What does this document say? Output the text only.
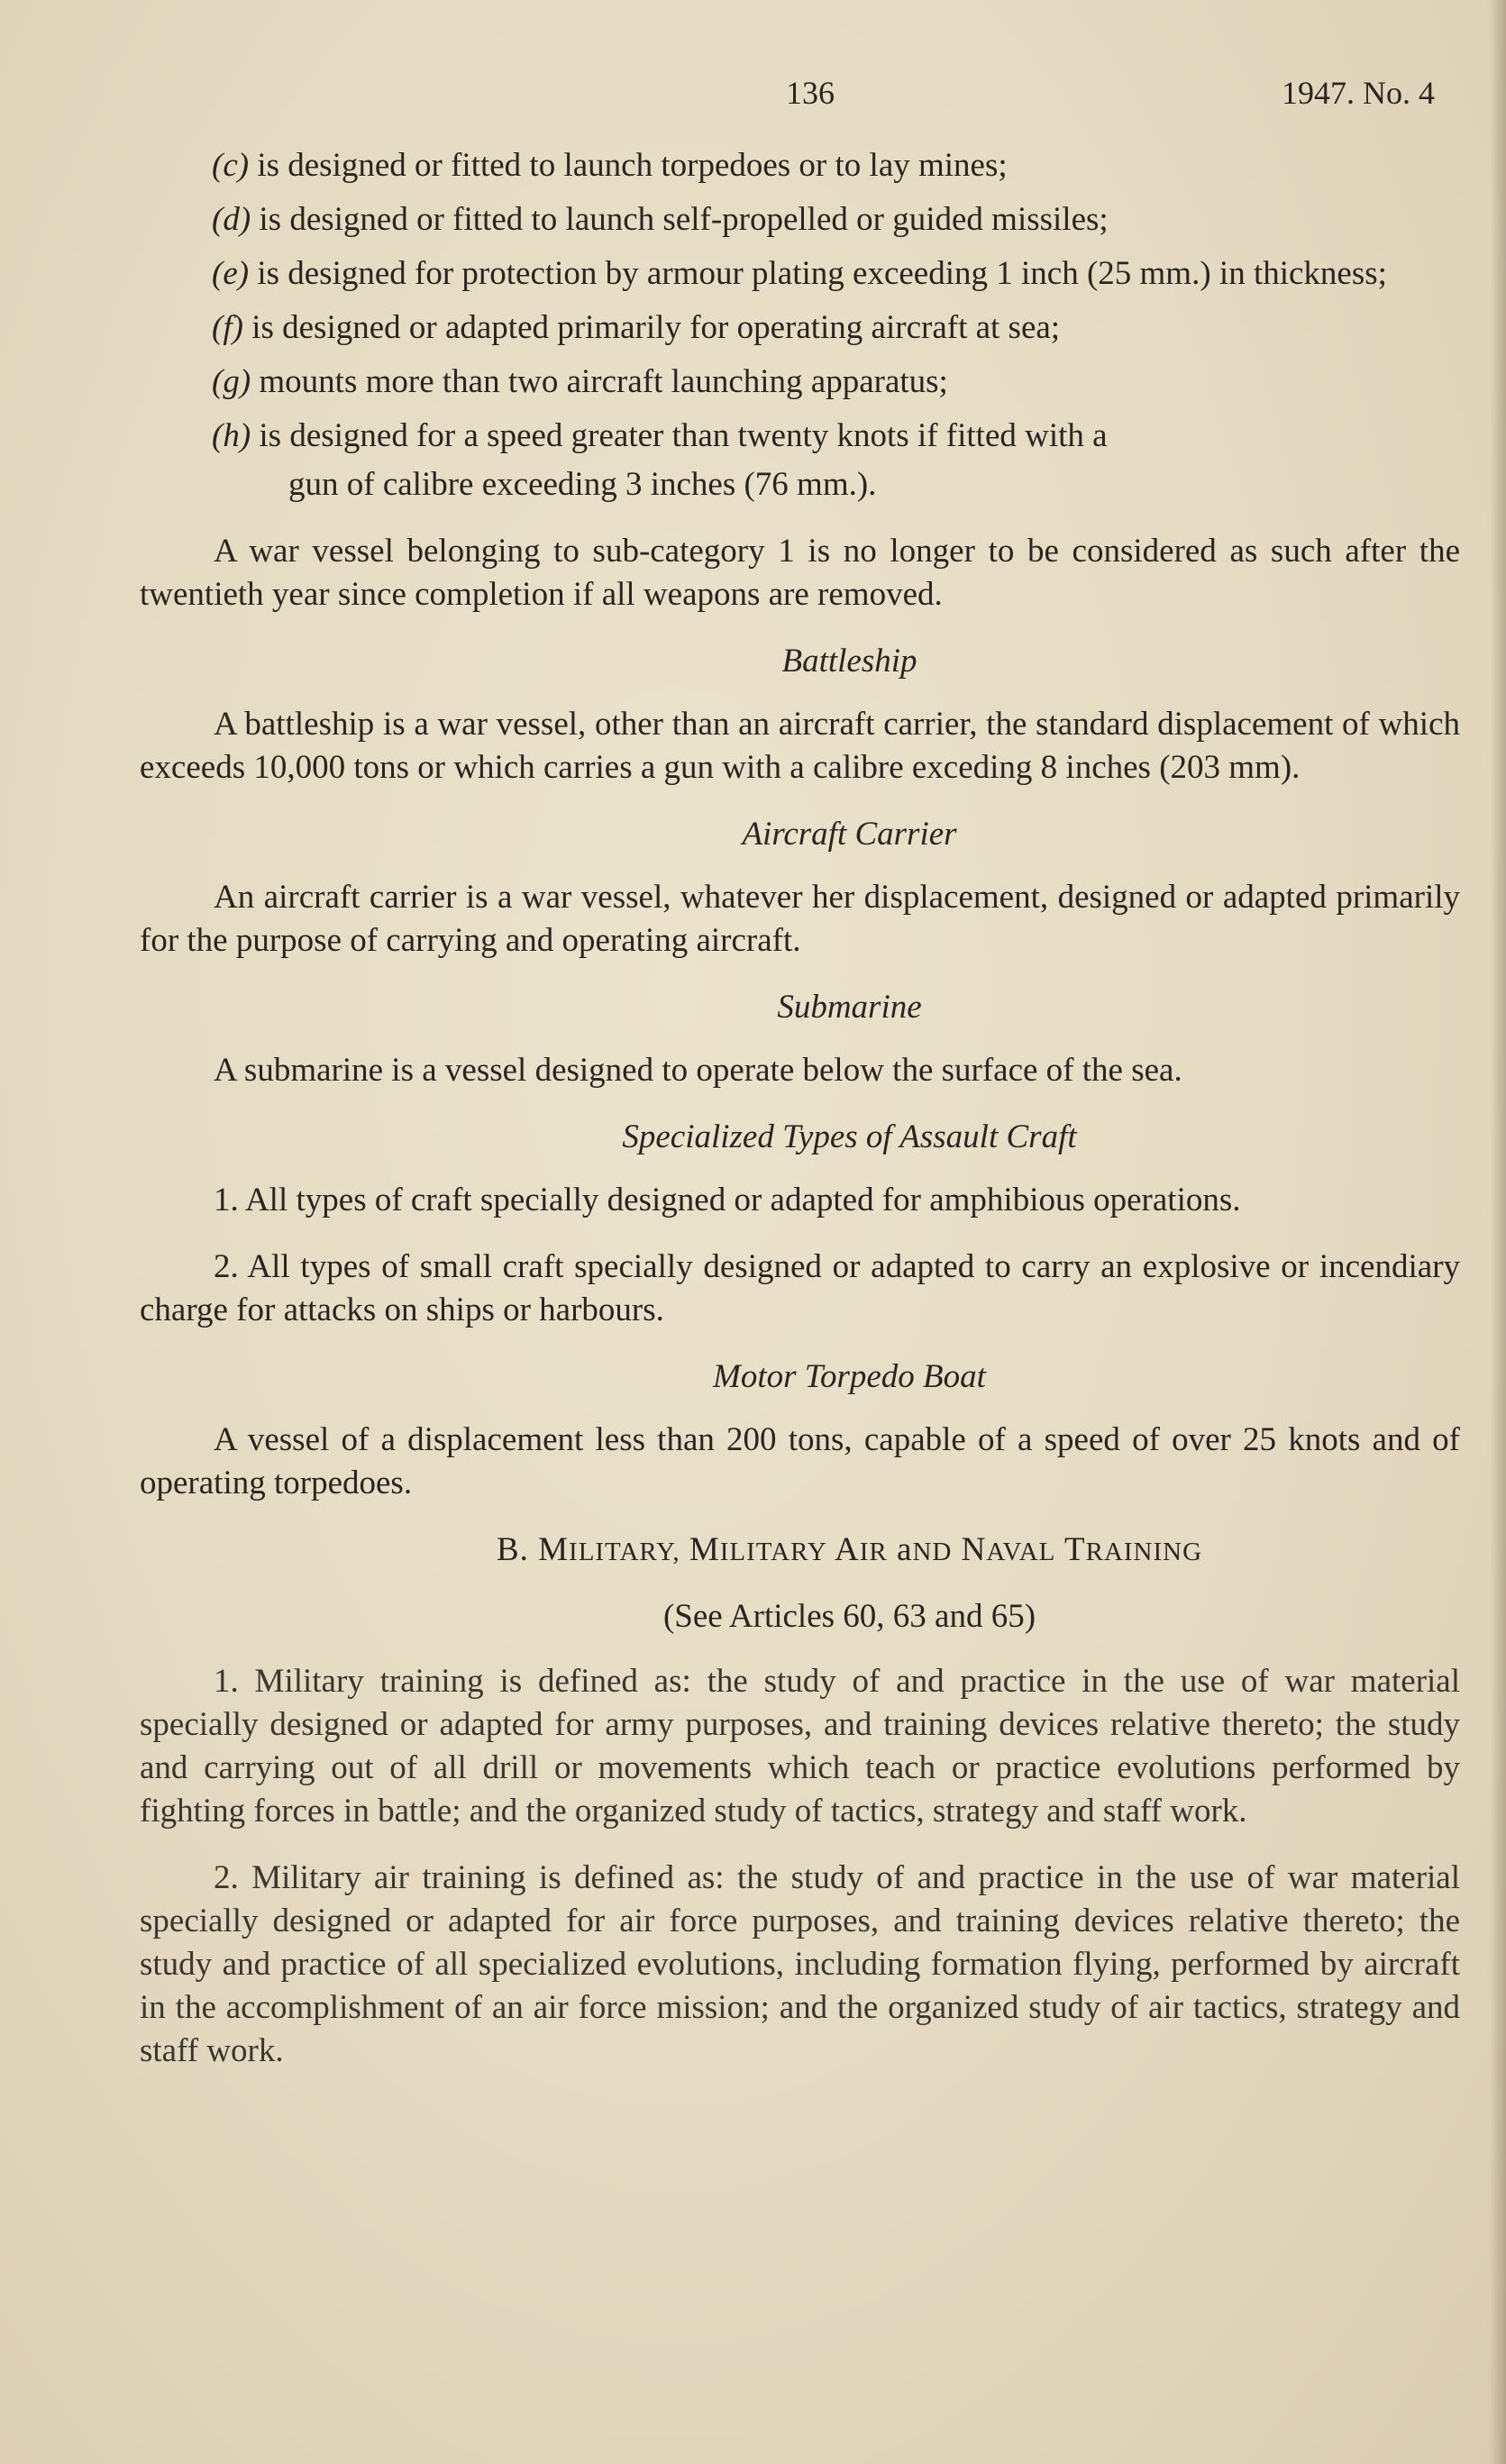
136	1947. No. 4
(c) is designed or fitted to launch torpedoes or to lay mines;
(d) is designed or fitted to launch self-propelled or guided missiles;
(e) is designed for protection by armour plating exceeding 1 inch (25 mm.) in thickness;
(f) is designed or adapted primarily for operating aircraft at sea;
(g) mounts more than two aircraft launching apparatus;
(h) is designed for a speed greater than twenty knots if fitted with a

gun of calibre exceeding 3 inches (76 mm.).

A war vessel belonging to sub-category 1 is no longer to be considered as such after the twentieth year since completion if all weapons are removed.

Battleship

A battleship is a war vessel, other than an aircraft carrier, the standard displacement of which exceeds 10,000 tons or which carries a gun with a calibre exceding 8 inches (203 mm).

Aircraft Carrier

An aircraft carrier is a war vessel, whatever her displacement, designed or adapted primarily for the purpose of carrying and operating aircraft.

Submarine

A submarine is a vessel designed to operate below the surface of the sea.

Specialized Types of Assault Craft

1. All types of craft specially designed or adapted for amphibious operations.

2. All types of small craft specially designed or adapted to carry an explosive or incendiary charge for attacks on ships or harbours.

Motor Torpedo Boat

A vessel of a displacement less than 200 tons, capable of a speed of over 25 knots and of operating torpedoes.

B. MILITARY, MILITARY AIR aND NAVAL TRAINING
(See Articles 60, 63 and 65)

1. Military training is defined as: the study of and practice in the use of war material specially designed or adapted for army purposes, and training devices relative thereto; the study and carrying out of all drill or movements which teach or practice evolutions performed by fighting forces in battle; and the organized study of tactics, strategy and staff work.

2. Military air training is defined as: the study of and practice in the use of war material specially designed or adapted for air force purposes, and training devices relative thereto; the study and practice of all specialized evolutions, including formation flying, performed by aircraft in the accomplishment of an air force mission; and the organized study of air tactics, strategy and staff work.
